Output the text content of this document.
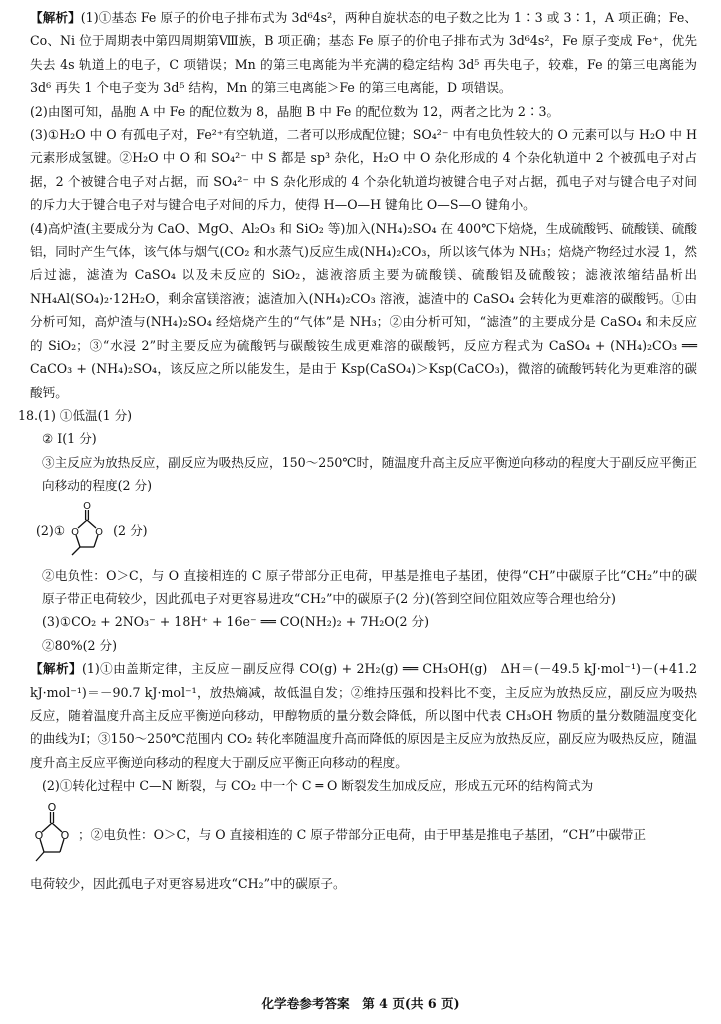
【解析】(1)①基态 Fe 原子的价电子排布式为 3d⁶4s²，两种自旋状态的电子数之比为 1∶3 或 3∶1，A 项正确；Fe、Co、Ni 位于周期表中第四周期第Ⅷ族，B 项正确；基态 Fe 原子的价电子排布式为 3d⁶4s²，Fe 原子变成 Fe⁺，优先失去 4s 轨道上的电子，C 项错误；Mn 的第三电离能为半充满的稳定结构 3d⁵ 再失电子，较难，Fe 的第三电离能为 3d⁶ 再失 1 个电子变为 3d⁵ 结构，Mn 的第三电离能＞Fe 的第三电离能，D 项错误。

(2)由图可知，晶胞 A 中 Fe 的配位数为 8，晶胞 B 中 Fe 的配位数为 12，两者之比为 2∶3。

(3)①H₂O 中 O 有孤电子对，Fe²⁺有空轨道，二者可以形成配位键；SO₄²⁻ 中有电负性较大的 O 元素可以与 H₂O 中 H 元素形成氢键。②H₂O 中 O 和 SO₄²⁻ 中 S 都是 sp³ 杂化，H₂O 中 O 杂化形成的 4 个杂化轨道中 2 个被孤电子对占据，2 个被键合电子对占据，而 SO₄²⁻ 中 S 杂化形成的 4 个杂化轨道均被键合电子对占据，孤电子对与键合电子对间的斥力大于键合电子对与键合电子对间的斥力，使得 H—O—H 键角比 O—S—O 键角小。

(4)高炉渣(主要成分为 CaO、MgO、Al₂O₃ 和 SiO₂ 等)加入(NH₄)₂SO₄ 在 400℃下焙烧，生成硫酸钙、硫酸镁、硫酸铝，同时产生气体，该气体与烟气(CO₂ 和水蒸气)反应生成(NH₄)₂CO₃，所以该气体为 NH₃；焙烧产物经过水浸 1，然后过滤，滤渣为 CaSO₄ 以及未反应的 SiO₂，滤液溶质主要为硫酸镁、硫酸铝及硫酸铵；滤液浓缩结晶析出 NH₄Al(SO₄)₂·12H₂O，剩余富镁溶液；滤渣加入(NH₄)₂CO₃ 溶液，滤渣中的 CaSO₄ 会转化为更难溶的碳酸钙。①由分析可知，高炉渣与(NH₄)₂SO₄ 经焙烧产生的“气体”是 NH₃；②由分析可知，“滤渣”的主要成分是 CaSO₄ 和未反应的 SiO₂；③“水浸 2”时主要反应为硫酸钙与碳酸铵生成更难溶的碳酸钙，反应方程式为 CaSO₄ + (NH₄)₂CO₃ ══ CaCO₃ + (NH₄)₂SO₄，该反应之所以能发生，是由于 Ksp(CaSO₄)＞Ksp(CaCO₃)，微溶的硫酸钙转化为更难溶的碳酸钙。

18.(1) ①低温(1 分)

② Ⅰ(1 分)

③主反应为放热反应，副反应为吸热反应，150～250℃时，随温度升高主反应平衡逆向移动的程度大于副反应平衡正向移动的程度(2 分)

(2)①
O
O O (2 分)

②电负性：O＞C，与 O 直接相连的 C 原子带部分正电荷，甲基是推电子基团，使得“CH”中碳原子比“CH₂”中的碳原子带正电荷较少，因此孤电子对更容易进攻“CH₂”中的碳原子(2 分)(答到空间位阻效应等合理也给分)

(3)①CO₂ + 2NO₃⁻ + 18H⁺ + 16e⁻ ══ CO(NH₂)₂ + 7H₂O(2 分)

②80%(2 分)

【解析】(1)①由盖斯定律，主反应－副反应得 CO(g) + 2H₂(g) ══ CH₃OH(g)　ΔH＝(－49.5 kJ·mol⁻¹)－(+41.2 kJ·mol⁻¹)＝－90.7 kJ·mol⁻¹，放热熵减，故低温自发；②维持压强和投料比不变，主反应为放热反应，副反应为吸热反应，随着温度升高主反应平衡逆向移动，甲醇物质的量分数会降低，所以图中代表 CH₃OH 物质的量分数随温度变化的曲线为Ⅰ；③150～250℃范围内 CO₂ 转化率随温度升高而降低的原因是主反应为放热反应，副反应为吸热反应，随温度升高主反应平衡逆向移动的程度大于副反应平衡正向移动的程度。

(2)①转化过程中 C—N 断裂，与 CO₂ 中一个 C ═ O 断裂发生加成反应，形成五元环的结构简式为

O
O O ；②电负性：O＞C，与 O 直接相连的 C 原子带部分正电荷，由于甲基是推电子基团，“CH”中碳带正

电荷较少，因此孤电子对更容易进攻“CH₂”中的碳原子。

化学卷参考答案　第 4 页(共 6 页)
